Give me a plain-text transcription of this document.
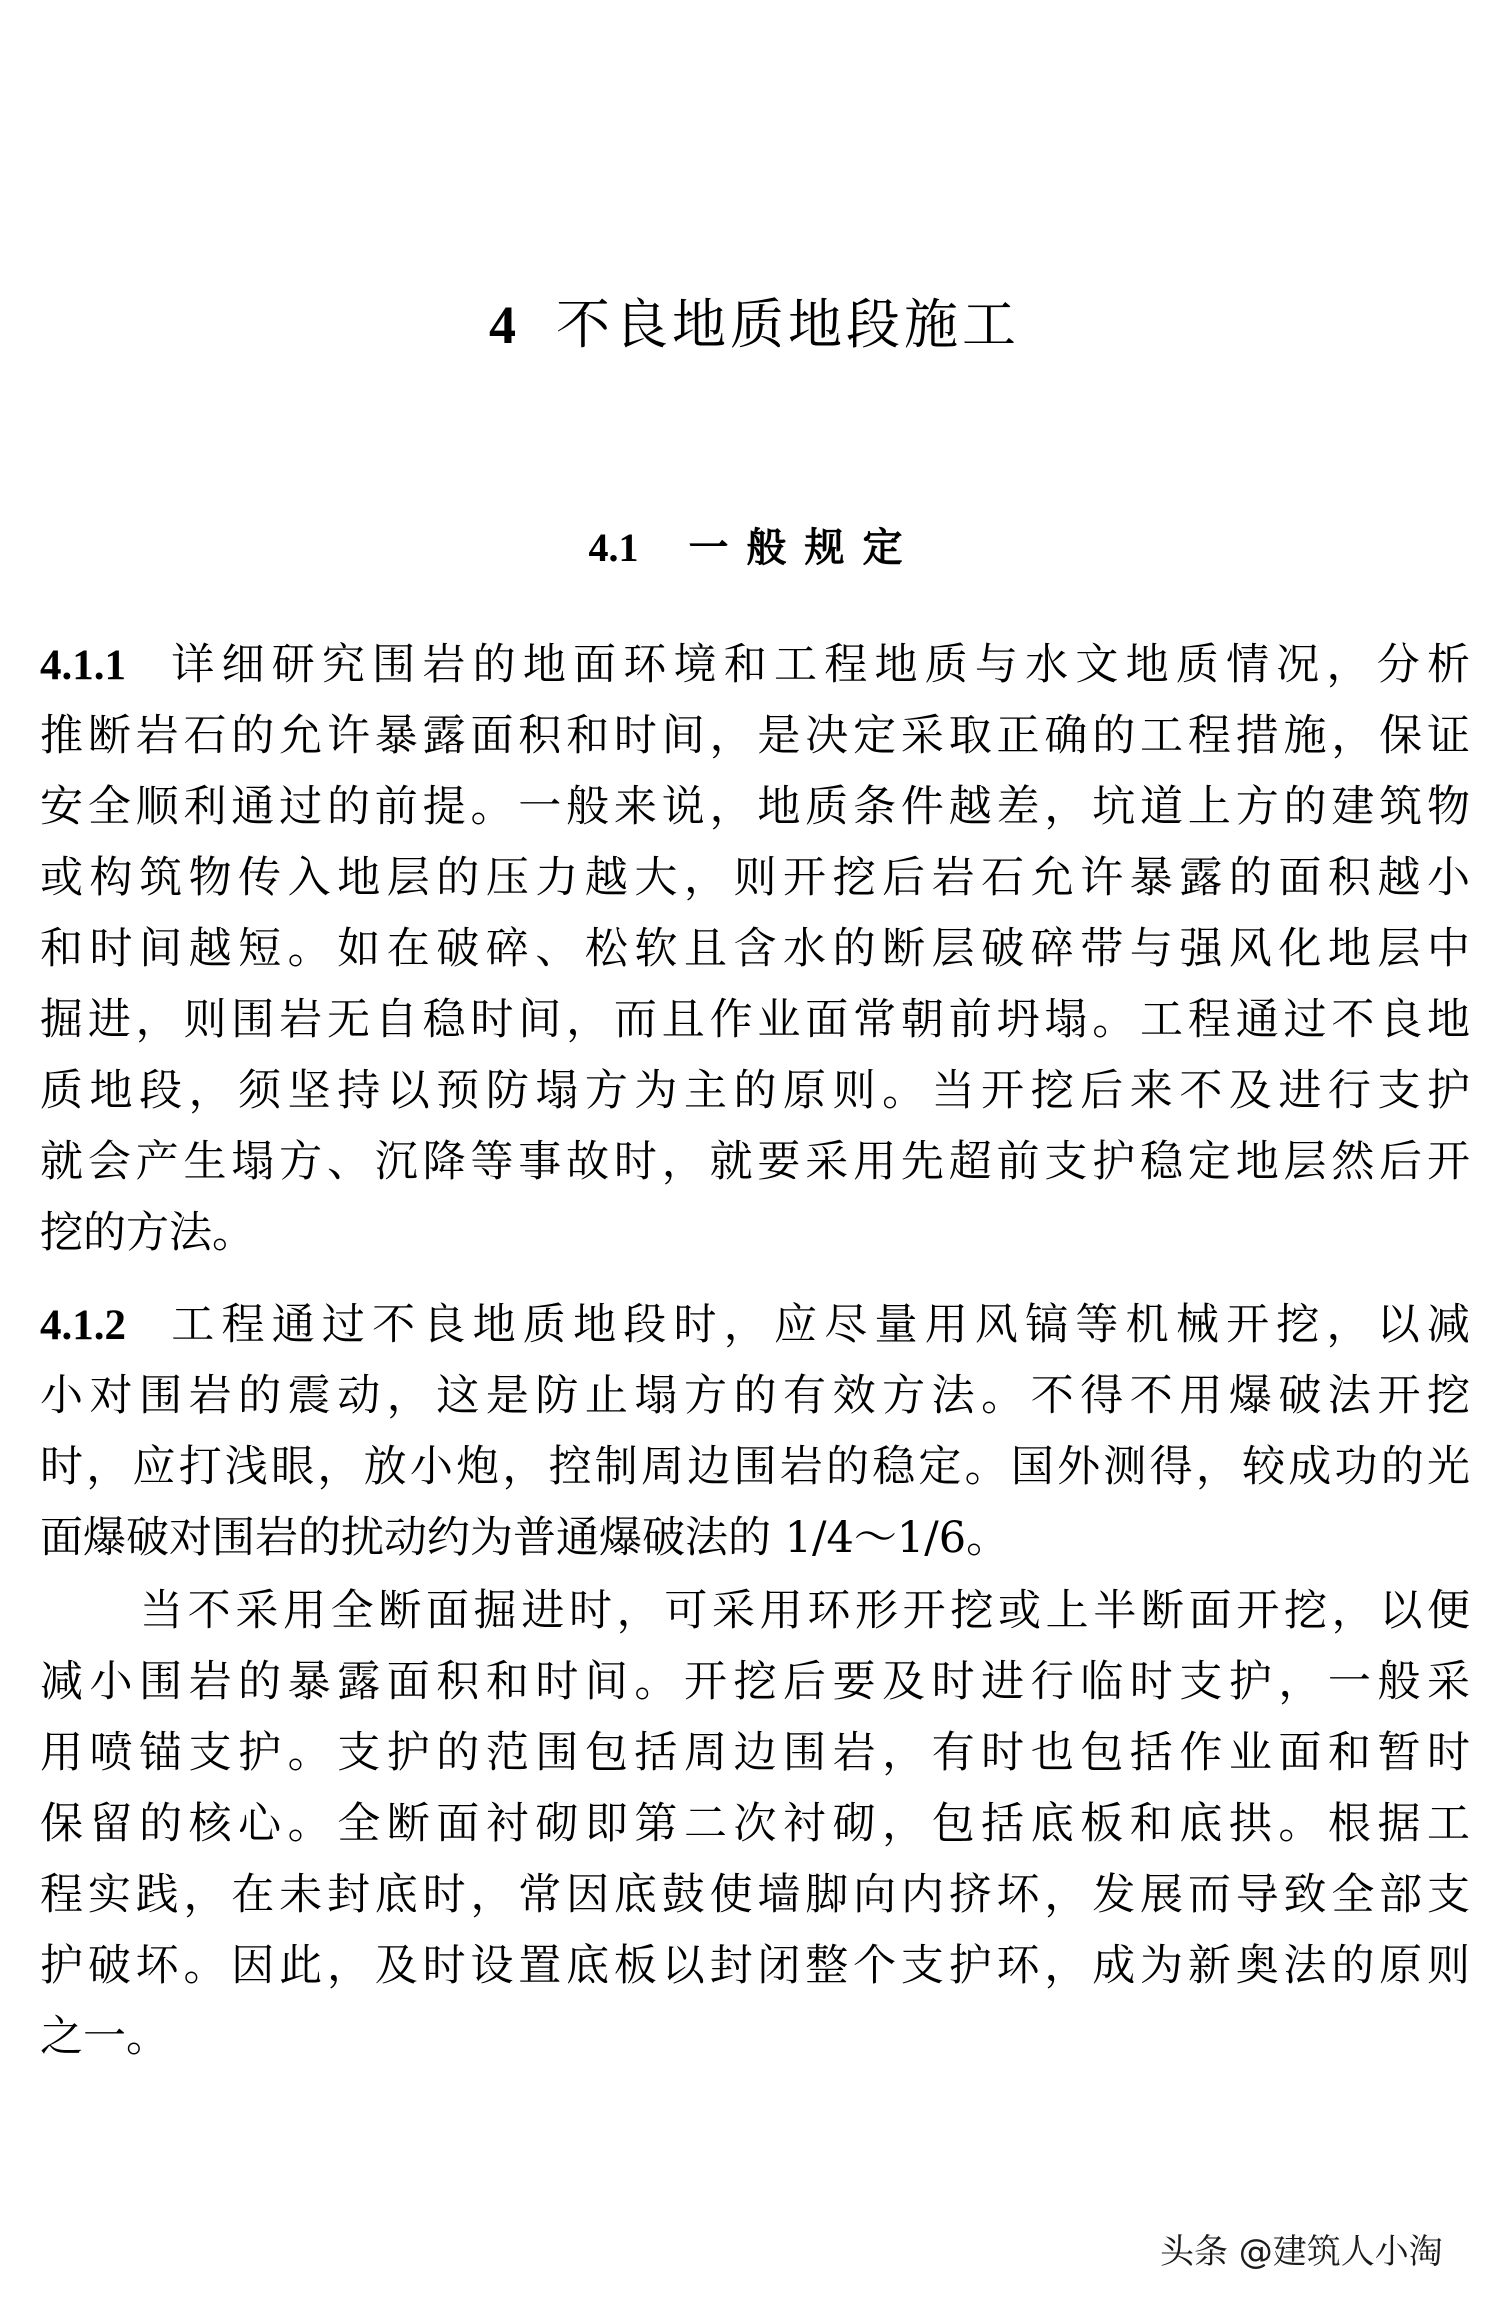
4 不良地质地段施工
4.1 一般规定
4.1.1 详细研究围岩的地面环境和工程地质与水文地质情况，分析
推断岩石的允许暴露面积和时间，是决定采取正确的工程措施，保证
安全顺利通过的前提。一般来说，地质条件越差，坑道上方的建筑物
或构筑物传入地层的压力越大，则开挖后岩石允许暴露的面积越小
和时间越短。如在破碎、松软且含水的断层破碎带与强风化地层中
掘进，则围岩无自稳时间，而且作业面常朝前坍塌。工程通过不良地
质地段，须坚持以预防塌方为主的原则。当开挖后来不及进行支护
就会产生塌方、沉降等事故时，就要采用先超前支护稳定地层然后开
挖的方法。
4.1.2 工程通过不良地质地段时，应尽量用风镐等机械开挖，以减
小对围岩的震动，这是防止塌方的有效方法。不得不用爆破法开挖
时，应打浅眼，放小炮，控制周边围岩的稳定。国外测得，较成功的光
面爆破对围岩的扰动约为普通爆破法的 1/4～1/6。
当不采用全断面掘进时，可采用环形开挖或上半断面开挖，以便
减小围岩的暴露面积和时间。开挖后要及时进行临时支护，一般采
用喷锚支护。支护的范围包括周边围岩，有时也包括作业面和暂时
保留的核心。全断面衬砌即第二次衬砌，包括底板和底拱。根据工
程实践，在未封底时，常因底鼓使墙脚向内挤坏，发展而导致全部支
护破坏。因此，及时设置底板以封闭整个支护环，成为新奥法的原则
之一。
头条 @建筑人小淘
